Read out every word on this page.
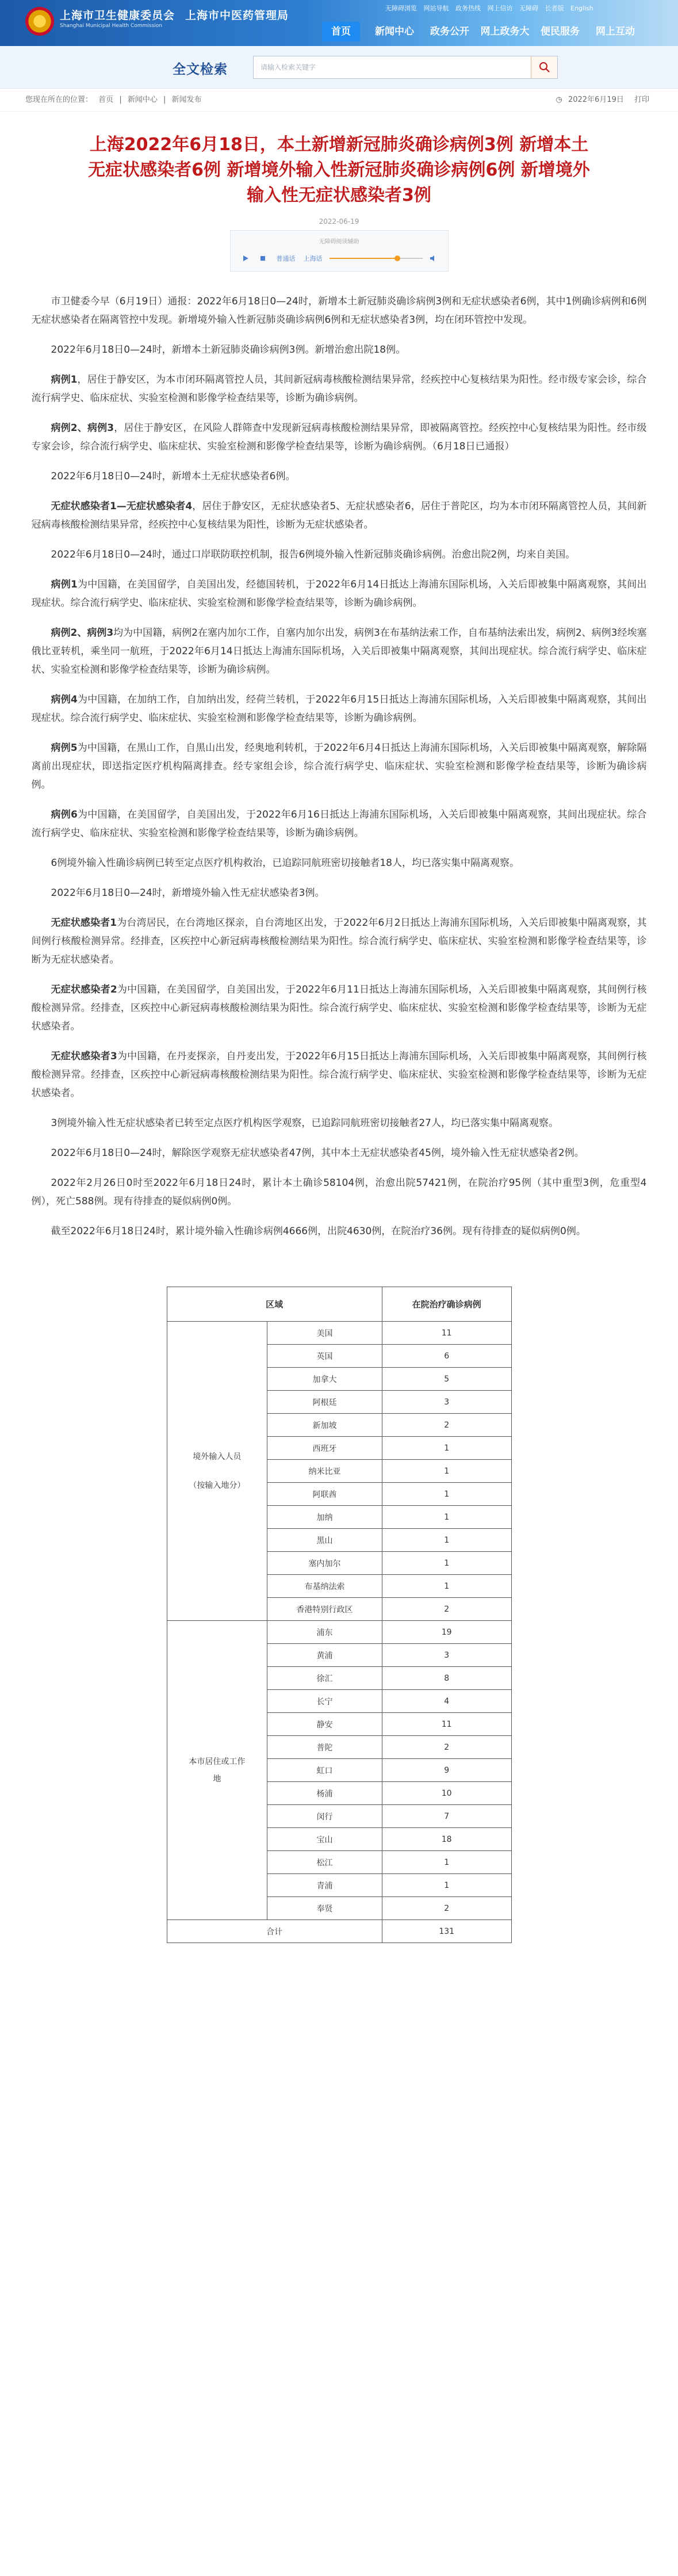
上海市卫生健康委员会
Shanghai Municipal Health Commission
上海市中医药管理局
无障碍浏览 网站导航 政务热线 网上信访 无障碍 长者版 English
首页	新闻中心	政务公开	网上政务大	便民服务	网上互动
全文检索
请输入检索关键字
您现在所在的位置： 首页 | 新闻中心 | 新闻发布	◷ 2022年6月19日 打印
上海2022年6月18日，本土新增新冠肺炎确诊病例3例 新增本土无症状感染者6例 新增境外输入性新冠肺炎确诊病例6例 新增境外输入性无症状感染者3例
2022-06-19
无障碍阅读辅助
普通话 上海话

市卫健委今早（6月19日）通报：2022年6月18日0—24时，新增本土新冠肺炎确诊病例3例和无症状感染者6例，其中1例确诊病例和6例无症状感染者在隔离管控中发现。新增境外输入性新冠肺炎确诊病例6例和无症状感染者3例，均在闭环管控中发现。

2022年6月18日0—24时，新增本土新冠肺炎确诊病例3例。新增治愈出院18例。

病例1，居住于静安区，为本市闭环隔离管控人员，其间新冠病毒核酸检测结果异常，经疾控中心复核结果为阳性。经市级专家会诊，综合流行病学史、临床症状、实验室检测和影像学检查结果等，诊断为确诊病例。

病例2、病例3，居住于静安区，在风险人群筛查中发现新冠病毒核酸检测结果异常，即被隔离管控。经疾控中心复核结果为阳性。经市级专家会诊，综合流行病学史、临床症状、实验室检测和影像学检查结果等，诊断为确诊病例。（6月18日已通报）

2022年6月18日0—24时，新增本土无症状感染者6例。

无症状感染者1—无症状感染者4，居住于静安区，无症状感染者5、无症状感染者6，居住于普陀区，均为本市闭环隔离管控人员，其间新冠病毒核酸检测结果异常，经疾控中心复核结果为阳性，诊断为无症状感染者。

2022年6月18日0—24时，通过口岸联防联控机制，报告6例境外输入性新冠肺炎确诊病例。治愈出院2例，均来自美国。

病例1为中国籍，在美国留学，自美国出发，经德国转机，于2022年6月14日抵达上海浦东国际机场，入关后即被集中隔离观察，其间出现症状。综合流行病学史、临床症状、实验室检测和影像学检查结果等，诊断为确诊病例。

病例2、病例3均为中国籍，病例2在塞内加尔工作，自塞内加尔出发，病例3在布基纳法索工作，自布基纳法索出发，病例2、病例3经埃塞俄比亚转机，乘坐同一航班，于2022年6月14日抵达上海浦东国际机场，入关后即被集中隔离观察，其间出现症状。综合流行病学史、临床症状、实验室检测和影像学检查结果等，诊断为确诊病例。

病例4为中国籍，在加纳工作，自加纳出发，经荷兰转机，于2022年6月15日抵达上海浦东国际机场，入关后即被集中隔离观察，其间出现症状。综合流行病学史、临床症状、实验室检测和影像学检查结果等，诊断为确诊病例。

病例5为中国籍，在黑山工作，自黑山出发，经奥地利转机，于2022年6月4日抵达上海浦东国际机场，入关后即被集中隔离观察，解除隔离前出现症状，即送指定医疗机构隔离排查。经专家组会诊，综合流行病学史、临床症状、实验室检测和影像学检查结果等，诊断为确诊病例。

病例6为中国籍，在美国留学，自美国出发，于2022年6月16日抵达上海浦东国际机场，入关后即被集中隔离观察，其间出现症状。综合流行病学史、临床症状、实验室检测和影像学检查结果等，诊断为确诊病例。

6例境外输入性确诊病例已转至定点医疗机构救治，已追踪同航班密切接触者18人，均已落实集中隔离观察。

2022年6月18日0—24时，新增境外输入性无症状感染者3例。

无症状感染者1为台湾居民，在台湾地区探亲，自台湾地区出发，于2022年6月2日抵达上海浦东国际机场，入关后即被集中隔离观察，其间例行核酸检测异常。经排查，区疾控中心新冠病毒核酸检测结果为阳性。综合流行病学史、临床症状、实验室检测和影像学检查结果等，诊断为无症状感染者。

无症状感染者2为中国籍，在美国留学，自美国出发，于2022年6月11日抵达上海浦东国际机场，入关后即被集中隔离观察，其间例行核酸检测异常。经排查，区疾控中心新冠病毒核酸检测结果为阳性。综合流行病学史、临床症状、实验室检测和影像学检查结果等，诊断为无症状感染者。

无症状感染者3为中国籍，在丹麦探亲，自丹麦出发，于2022年6月15日抵达上海浦东国际机场，入关后即被集中隔离观察，其间例行核酸检测异常。经排查，区疾控中心新冠病毒核酸检测结果为阳性。综合流行病学史、临床症状、实验室检测和影像学检查结果等，诊断为无症状感染者。

3例境外输入性无症状感染者已转至定点医疗机构医学观察，已追踪同航班密切接触者27人，均已落实集中隔离观察。

2022年6月18日0—24时，解除医学观察无症状感染者47例，其中本土无症状感染者45例，境外输入性无症状感染者2例。

2022年2月26日0时至2022年6月18日24时，累计本土确诊58104例，治愈出院57421例，在院治疗95例（其中重型3例，危重型4例），死亡588例。现有待排查的疑似病例0例。

截至2022年6月18日24时，累计境外输入性确诊病例4666例，出院4630例，在院治疗36例。现有待排查的疑似病例0例。

区域		在院治疗确诊病例

境外输入人员
（按输入地分）	美国	11
	英国	6
	加拿大	5
	阿根廷	3
	新加坡	2
	西班牙	1
	纳米比亚	1
	阿联酋	1
	加纳	1
	黑山	1
	塞内加尔	1
	布基纳法索	1
	香港特别行政区	2

本市居住或工作
地	浦东	19
	黄浦	3
	徐汇	8
	长宁	4
	静安	11
	普陀	2
	虹口	9
	杨浦	10
	闵行	7
	宝山	18
	松江	1
	青浦	1
	奉贤	2
合计		131
